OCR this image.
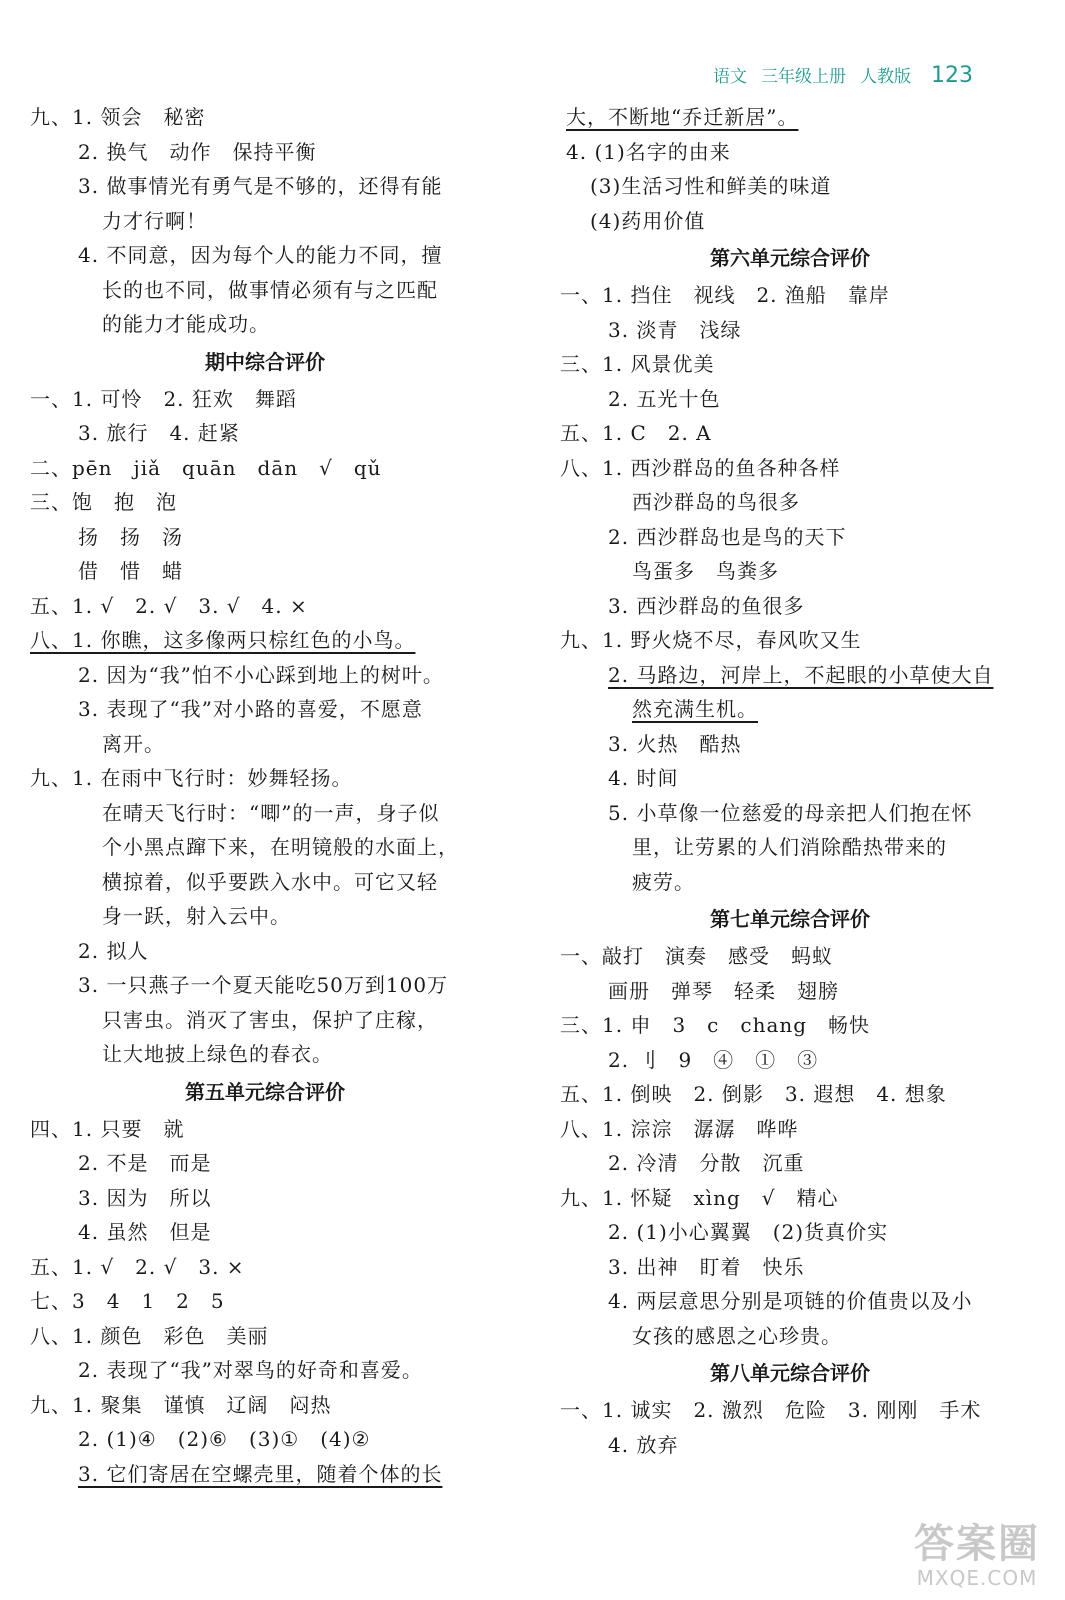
语文 三年级上册 人教版 123
九、1. 领会　秘密
2. 换气　动作　保持平衡
3. 做事情光有勇气是不够的，还得有能
力才行啊！
4. 不同意，因为每个人的能力不同，擅
长的也不同，做事情必须有与之匹配
的能力才能成功。
期中综合评价
一、1. 可怜　2. 狂欢　舞蹈
3. 旅行　4. 赶紧
二、pēn　jiǎ　quān　dān　√　qǔ
三、饱　抱　泡
扬　扬　汤
借　惜　蜡
五、1. √　2. √　3. √　4. ×
八、1. 你瞧，这多像两只棕红色的小鸟。
2. 因为“我”怕不小心踩到地上的树叶。
3. 表现了“我”对小路的喜爱，不愿意
离开。
九、1. 在雨中飞行时：妙舞轻扬。
在晴天飞行时：“唧”的一声，身子似
个小黑点蹿下来，在明镜般的水面上，
横掠着，似乎要跌入水中。可它又轻
身一跃，射入云中。
2. 拟人
3. 一只燕子一个夏天能吃50万到100万
只害虫。消灭了害虫，保护了庄稼，
让大地披上绿色的春衣。
第五单元综合评价
四、1. 只要　就
2. 不是　而是
3. 因为　所以
4. 虽然　但是
五、1. √　2. √　3. ×
七、3　4　1　2　5
八、1. 颜色　彩色　美丽
2. 表现了“我”对翠鸟的好奇和喜爱。
九、1. 聚集　谨慎　辽阔　闷热
2. (1)④　(2)⑥　(3)①　(4)②
3. 它们寄居在空螺壳里，随着个体的长
大，不断地“乔迁新居”。
4. (1)名字的由来
(3)生活习性和鲜美的味道
(4)药用价值
第六单元综合评价
一、1. 挡住　视线　2. 渔船　靠岸
3. 淡青　浅绿
三、1. 风景优美
2. 五光十色
五、1. C　2. A
八、1. 西沙群岛的鱼各种各样
西沙群岛的鸟很多
2. 西沙群岛也是鸟的天下
鸟蛋多　鸟粪多
3. 西沙群岛的鱼很多
九、1. 野火烧不尽，春风吹又生
2. 马路边，河岸上，不起眼的小草使大自
然充满生机。
3. 火热　酷热
4. 时间
5. 小草像一位慈爱的母亲把人们抱在怀
里，让劳累的人们消除酷热带来的
疲劳。
第七单元综合评价
一、敲打　演奏　感受　蚂蚁
画册　弹琴　轻柔　翅膀
三、1. 申　3　c　chang　畅快
2. 刂　9　④　①　③
五、1. 倒映　2. 倒影　3. 遐想　4. 想象
八、1. 淙淙　潺潺　哗哗
2. 冷清　分散　沉重
九、1. 怀疑　xìng　√　精心
2. (1)小心翼翼　(2)货真价实
3. 出神　盯着　快乐
4. 两层意思分别是项链的价值贵以及小
女孩的感恩之心珍贵。
第八单元综合评价
一、1. 诚实　2. 激烈　危险　3. 刚刚　手术
4. 放弃
答案圈
MXQE.COM
